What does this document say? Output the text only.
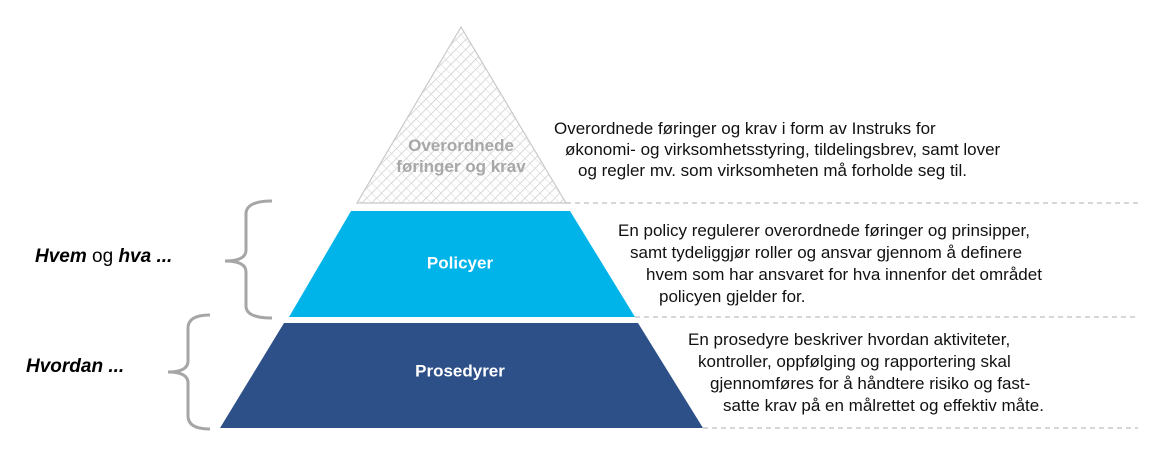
Overordnede
føringer og krav
Policyer
Prosedyrer
Hvem og hva ...
Hvordan ...
Overordnede føringer og krav i form av Instruks for
økonomi- og virksomhetsstyring, tildelingsbrev, samt lover
og regler mv. som virksomheten må forholde seg til.
En policy regulerer overordnede føringer og prinsipper,
samt tydeliggjør roller og ansvar gjennom å definere
hvem som har ansvaret for hva innenfor det området
policyen gjelder for.
En prosedyre beskriver hvordan aktiviteter,
kontroller, oppfølging og rapportering skal
gjennomføres for å håndtere risiko og fast-
satte krav på en målrettet og effektiv måte.
